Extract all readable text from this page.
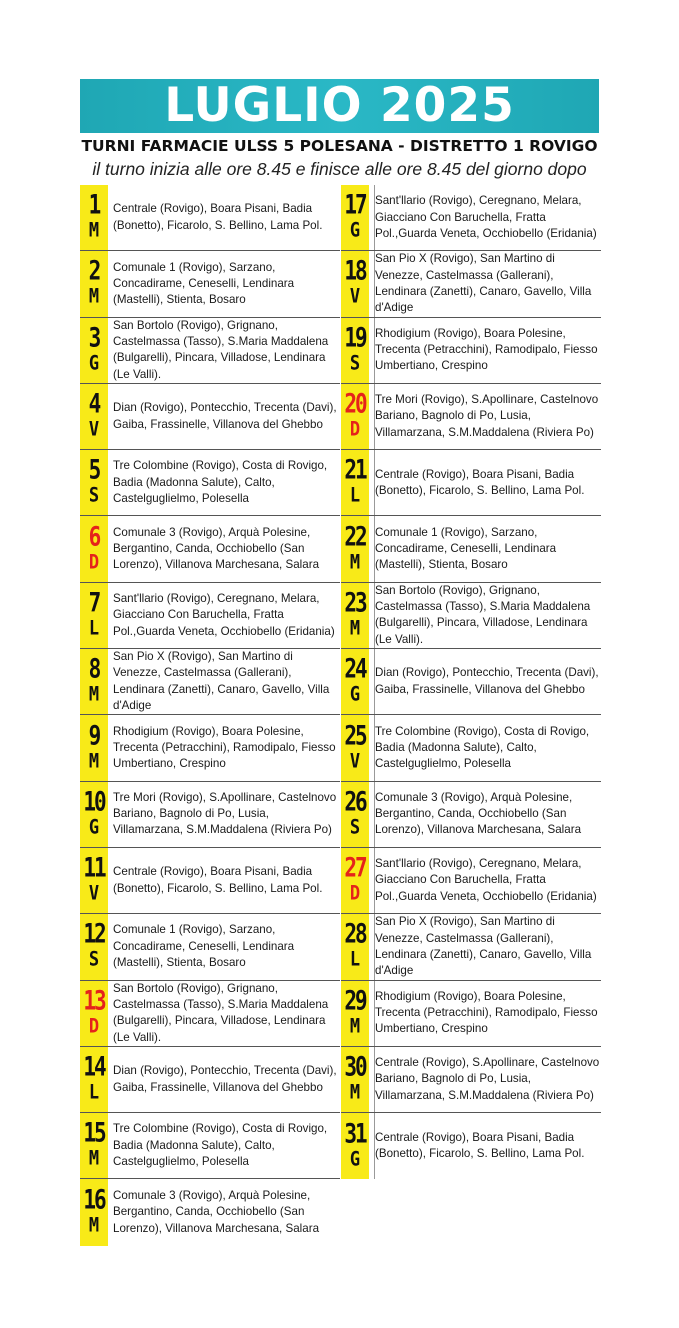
LUGLIO 2025
TURNI FARMACIE ULSS 5 POLESANA - DISTRETTO 1 ROVIGO
il turno inizia alle ore 8.45 e finisce alle ore 8.45 del giorno dopo
1
M
Centrale (Rovigo), Boara Pisani, Badia (Bonetto), Ficarolo, S. Bellino, Lama Pol.
2
M
Comunale 1 (Rovigo), Sarzano, Concadirame, Ceneselli, Lendinara (Mastelli), Stienta, Bosaro
3
G
San Bortolo (Rovigo), Grignano, Castelmassa (Tasso), S.Maria Maddalena (Bulgarelli), Pincara, Villadose, Lendinara (Le Valli).
4
V
Dian (Rovigo), Pontecchio, Trecenta (Davi), Gaiba, Frassinelle, Villanova del Ghebbo
5
S
Tre Colombine (Rovigo), Costa di Rovigo, Badia (Madonna Salute), Calto, Castelguglielmo, Polesella
6
D
Comunale 3 (Rovigo), Arquà Polesine, Bergantino, Canda, Occhiobello (San Lorenzo), Villanova Marchesana, Salara
7
L
Sant'llario (Rovigo), Ceregnano, Melara, Giacciano Con Baruchella, Fratta Pol.,Guarda Veneta, Occhiobello (Eridania)
8
M
San Pio X (Rovigo), San Martino di Venezze, Castelmassa (Gallerani), Lendinara (Zanetti), Canaro, Gavello, Villa d'Adige
9
M
Rhodigium (Rovigo), Boara Polesine, Trecenta (Petracchini), Ramodipalo, Fiesso Umbertiano, Crespino
10
G
Tre Mori (Rovigo), S.Apollinare, Castelnovo Bariano, Bagnolo di Po, Lusia, Villamarzana, S.M.Maddalena (Riviera Po)
11
V
Centrale (Rovigo), Boara Pisani, Badia (Bonetto), Ficarolo, S. Bellino, Lama Pol.
12
S
Comunale 1 (Rovigo), Sarzano, Concadirame, Ceneselli, Lendinara (Mastelli), Stienta, Bosaro
13
D
San Bortolo (Rovigo), Grignano, Castelmassa (Tasso), S.Maria Maddalena (Bulgarelli), Pincara, Villadose, Lendinara (Le Valli).
14
L
Dian (Rovigo), Pontecchio, Trecenta (Davi), Gaiba, Frassinelle, Villanova del Ghebbo
15
M
Tre Colombine (Rovigo), Costa di Rovigo, Badia (Madonna Salute), Calto, Castelguglielmo, Polesella
16
M
Comunale 3 (Rovigo), Arquà Polesine, Bergantino, Canda, Occhiobello (San Lorenzo), Villanova Marchesana, Salara
17
G
Sant'llario (Rovigo), Ceregnano, Melara, Giacciano Con Baruchella, Fratta Pol.,Guarda Veneta, Occhiobello (Eridania)
18
V
San Pio X (Rovigo), San Martino di Venezze, Castelmassa (Gallerani), Lendinara (Zanetti), Canaro, Gavello, Villa d'Adige
19
S
Rhodigium (Rovigo), Boara Polesine, Trecenta (Petracchini), Ramodipalo, Fiesso Umbertiano, Crespino
20
D
Tre Mori (Rovigo), S.Apollinare, Castelnovo Bariano, Bagnolo di Po, Lusia, Villamarzana, S.M.Maddalena (Riviera Po)
21
L
Centrale (Rovigo), Boara Pisani, Badia (Bonetto), Ficarolo, S. Bellino, Lama Pol.
22
M
Comunale 1 (Rovigo), Sarzano, Concadirame, Ceneselli, Lendinara (Mastelli), Stienta, Bosaro
23
M
San Bortolo (Rovigo), Grignano, Castelmassa (Tasso), S.Maria Maddalena (Bulgarelli), Pincara, Villadose, Lendinara (Le Valli).
24
G
Dian (Rovigo), Pontecchio, Trecenta (Davi), Gaiba, Frassinelle, Villanova del Ghebbo
25
V
Tre Colombine (Rovigo), Costa di Rovigo, Badia (Madonna Salute), Calto, Castelguglielmo, Polesella
26
S
Comunale 3 (Rovigo), Arquà Polesine, Bergantino, Canda, Occhiobello (San Lorenzo), Villanova Marchesana, Salara
27
D
Sant'llario (Rovigo), Ceregnano, Melara, Giacciano Con Baruchella, Fratta Pol.,Guarda Veneta, Occhiobello (Eridania)
28
L
San Pio X (Rovigo), San Martino di Venezze, Castelmassa (Gallerani), Lendinara (Zanetti), Canaro, Gavello, Villa d'Adige
29
M
Rhodigium (Rovigo), Boara Polesine, Trecenta (Petracchini), Ramodipalo, Fiesso Umbertiano, Crespino
30
M
Centrale (Rovigo), S.Apollinare, Castelnovo Bariano, Bagnolo di Po, Lusia, Villamarzana, S.M.Maddalena (Riviera Po)
31
G
Centrale (Rovigo), Boara Pisani, Badia (Bonetto), Ficarolo, S. Bellino, Lama Pol.
